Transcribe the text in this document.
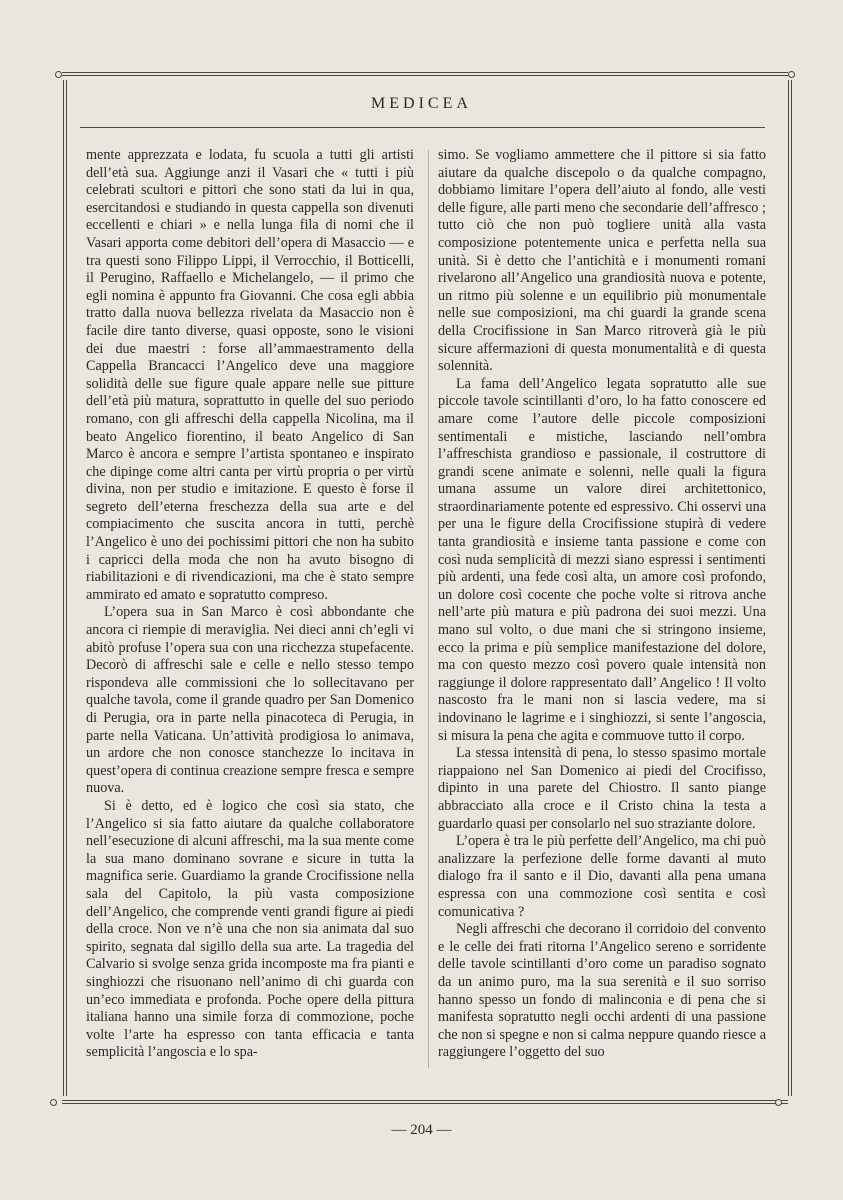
MEDICEA

mente apprezzata e lodata, fu scuola a tutti gli artisti dell’età sua. Aggiunge anzi il Vasari che « tutti i più celebrati scultori e pittori che sono stati da lui in qua, esercitandosi e studiando in questa cappella son divenuti eccellenti e chiari » e nella lunga fila di nomi che il Vasari apporta come debitori dell’opera di Masaccio — e tra questi sono Filippo Lippi, il Verrocchio, il Botticelli, il Perugino, Raffaello e Michelangelo, — il primo che egli nomina è appunto fra Giovanni. Che cosa egli abbia tratto dalla nuova bellezza rivelata da Masaccio non è facile dire tanto diverse, quasi opposte, sono le visioni dei due maestri : forse all’ammaestramento della Cappella Brancacci l’Angelico deve una maggiore solidità delle sue figure quale appare nelle sue pitture dell’età più matura, soprattutto in quelle del suo periodo romano, con gli affreschi della cappella Nicolina, ma il beato Angelico fiorentino, il beato Angelico di San Marco è ancora e sempre l’artista spontaneo e inspirato che dipinge come altri canta per virtù propria o per virtù divina, non per studio e imitazione. E questo è forse il segreto dell’eterna freschezza della sua arte e del compiacimento che suscita ancora in tutti, perchè l’Angelico è uno dei pochissimi pittori che non ha subito i capricci della moda che non ha avuto bisogno di riabilitazioni e di rivendicazioni, ma che è stato sempre ammirato ed amato e sopratutto compreso.

L’opera sua in San Marco è così abbondante che ancora ci riempie di meraviglia. Nei dieci anni ch’egli vi abitò profuse l’opera sua con una ricchezza stupefacente. Decorò di affreschi sale e celle e nello stesso tempo rispondeva alle commissioni che lo sollecitavano per qualche tavola, come il grande quadro per San Domenico di Perugia, ora in parte nella pinacoteca di Perugia, in parte nella Vaticana. Un’attività prodigiosa lo animava, un ardore che non conosce stanchezze lo incitava in quest’opera di continua creazione sempre fresca e sempre nuova.

Si è detto, ed è logico che così sia stato, che l’Angelico si sia fatto aiutare da qualche collaboratore nell’esecuzione di alcuni affreschi, ma la sua mente come la sua mano dominano sovrane e sicure in tutta la magnifica serie. Guardiamo la grande Crocifissione nella sala del Capitolo, la più vasta composizione dell’Angelico, che comprende venti grandi figure ai piedi della croce. Non ve n’è una che non sia animata dal suo spirito, segnata dal sigillo della sua arte. La tragedia del Calvario si svolge senza grida incomposte ma fra pianti e singhiozzi che risuonano nell’animo di chi guarda con un’eco immediata e profonda. Poche opere della pittura italiana hanno una simile forza di commozione, poche volte l’arte ha espresso con tanta efficacia e tanta semplicità l’angoscia e lo spa-

simo. Se vogliamo ammettere che il pittore si sia fatto aiutare da qualche discepolo o da qualche compagno, dobbiamo limitare l’opera dell’aiuto al fondo, alle vesti delle figure, alle parti meno che secondarie dell’affresco ; tutto ciò che non può togliere unità alla vasta composizione potentemente unica e perfetta nella sua unità. Si è detto che l’antichità e i monumenti romani rivelarono all’Angelico una grandiosità nuova e potente, un ritmo più solenne e un equilibrio più monumentale nelle sue composizioni, ma chi guardi la grande scena della Crocifissione in San Marco ritroverà già le più sicure affermazioni di questa monumentalità e di questa solennità.

La fama dell’Angelico legata sopratutto alle sue piccole tavole scintillanti d’oro, lo ha fatto conoscere ed amare come l’autore delle piccole composizioni sentimentali e mistiche, lasciando nell’ombra l’affreschista grandioso e passionale, il costruttore di grandi scene animate e solenni, nelle quali la figura umana assume un valore direi architettonico, straordinariamente potente ed espressivo. Chi osservi una per una le figure della Crocifissione stupirà di vedere tanta grandiosità e insieme tanta passione e come con così nuda semplicità di mezzi siano espressi i sentimenti più ardenti, una fede così alta, un amore così profondo, un dolore così cocente che poche volte si ritrova anche nell’arte più matura e più padrona dei suoi mezzi. Una mano sul volto, o due mani che si stringono insieme, ecco la prima e più semplice manifestazione del dolore, ma con questo mezzo così povero quale intensità non raggiunge il dolore rappresentato dall’ Angelico ! Il volto nascosto fra le mani non si lascia vedere, ma si indovinano le lagrime e i singhiozzi, si sente l’angoscia, si misura la pena che agita e commuove tutto il corpo.

La stessa intensità di pena, lo stesso spasimo mortale riappaiono nel San Domenico ai piedi del Crocifisso, dipinto in una parete del Chiostro. Il santo piange abbracciato alla croce e il Cristo china la testa a guardarlo quasi per consolarlo nel suo straziante dolore.

L’opera è tra le più perfette dell’Angelico, ma chi può analizzare la perfezione delle forme davanti al muto dialogo fra il santo e il Dio, davanti alla pena umana espressa con una commozione così sentita e così comunicativa ?

Negli affreschi che decorano il corridoio del convento e le celle dei frati ritorna l’Angelico sereno e sorridente delle tavole scintillanti d’oro come un paradiso sognato da un animo puro, ma la sua serenità e il suo sorriso hanno spesso un fondo di malinconia e di pena che si manifesta sopratutto negli occhi ardenti di una passione che non si spegne e non si calma neppure quando riesce a raggiungere l’oggetto del suo

— 204 —
